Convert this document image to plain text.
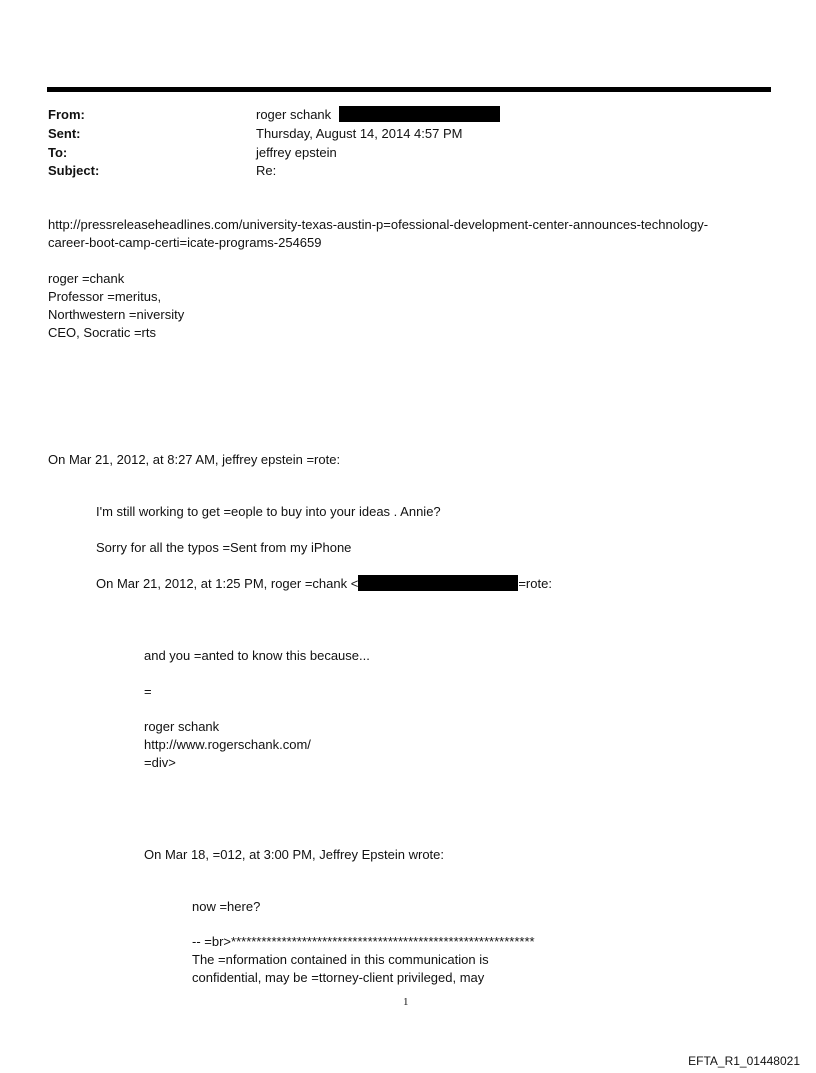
From:	roger schank
Sent:	Thursday, August 14, 2014 4:57 PM
To:	jeffrey epstein
Subject:	Re:
http://pressreleaseheadlines.com/university-texas-austin-p=ofessional-development-center-announces-technology-
career-boot-camp-certi=icate-programs-254659
roger =chank
Professor =meritus,
Northwestern =niversity
CEO, Socratic =rts
On Mar 21, 2012, at 8:27 AM, jeffrey epstein =rote:
I'm still working to get =eople to buy into your ideas . Annie?
Sorry for all the typos =Sent from my iPhone
On Mar 21, 2012, at 1:25 PM, roger =chank <	=rote:
and you =anted to know this because...
=
roger schank
http://www.rogerschank.com/
=div>
On Mar 18, =012, at 3:00 PM, Jeffrey Epstein wrote:
now =here?
-- =br>************************************************************
The =nformation contained in this communication is
confidential, may be =ttorney-client privileged, may
1
EFTA_R1_01448021
